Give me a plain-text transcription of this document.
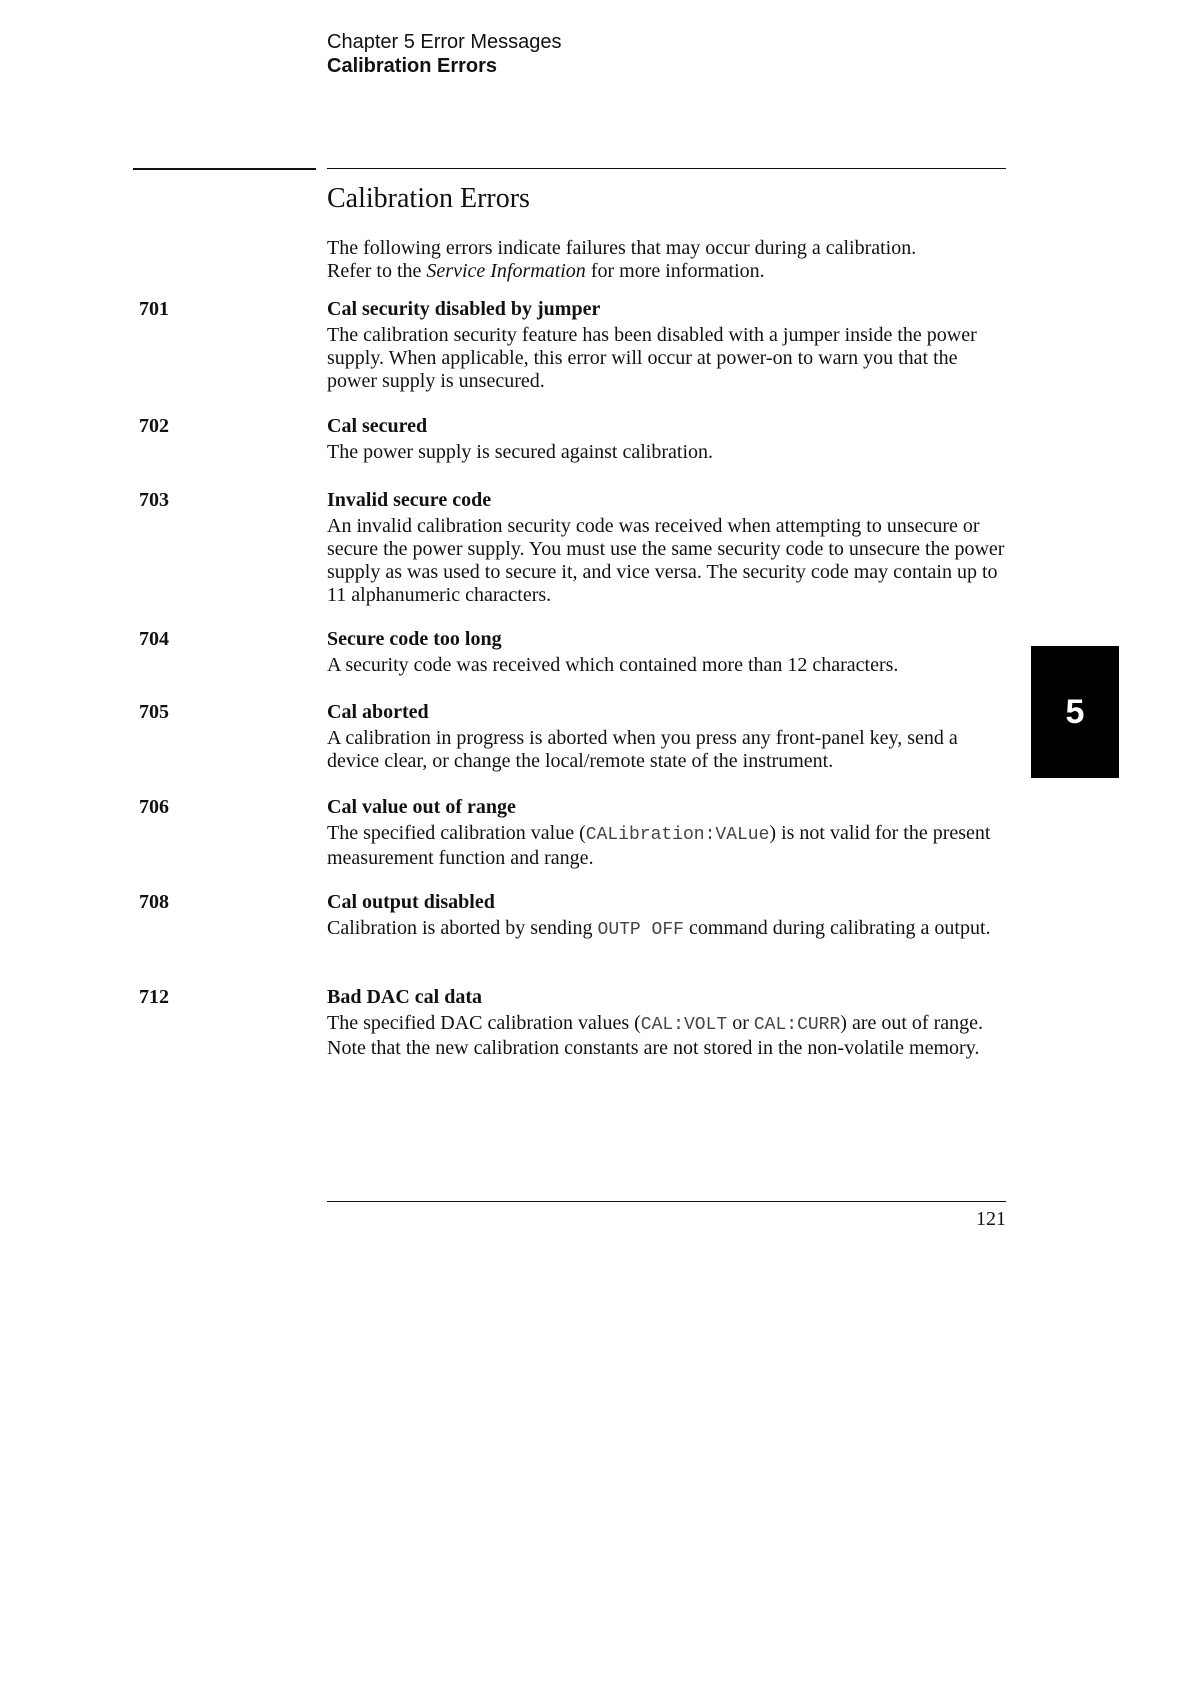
Chapter 5 Error Messages
Calibration Errors
Calibration Errors
The following errors indicate failures that may occur during a calibration.
Refer to the Service Information for more information.
701	Cal security disabled by jumper
The calibration security feature has been disabled with a jumper inside the power supply. When applicable, this error will occur at power-on to warn you that the power supply is unsecured.
702	Cal secured
The power supply is secured against calibration.
703	Invalid secure code
An invalid calibration security code was received when attempting to unsecure or secure the power supply. You must use the same security code to unsecure the power supply as was used to secure it, and vice versa. The security code may contain up to 11 alphanumeric characters.
704	Secure code too long
A security code was received which contained more than 12 characters.
705	Cal aborted
A calibration in progress is aborted when you press any front-panel key, send a device clear, or change the local/remote state of the instrument.
706	Cal value out of range
The specified calibration value (CALibration:VALue) is not valid for the present measurement function and range.
708	Cal output disabled
Calibration is aborted by sending OUTP OFF command during calibrating a output.
712	Bad DAC cal data
The specified DAC calibration values (CAL:VOLT or CAL:CURR) are out of range. Note that the new calibration constants are not stored in the non-volatile memory.
5
121
